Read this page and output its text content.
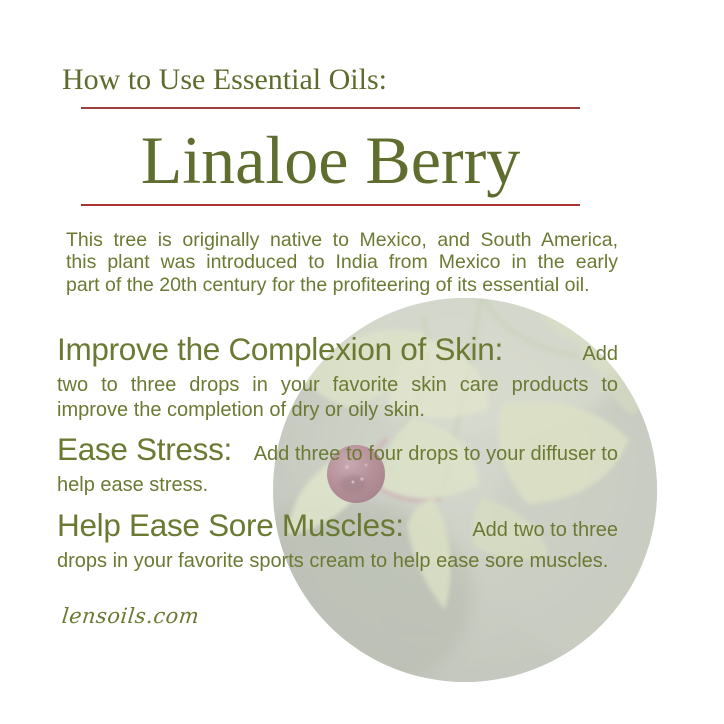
How to Use Essential Oils:
Linaloe Berry
This tree is originally native to Mexico, and South America,
this plant was introduced to India from Mexico in the early
part of the 20th century for the profiteering of its essential oil.
Improve the Complexion of Skin:	Add
two to three drops in your favorite skin care products to
improve the completion of dry or oily skin.
Ease Stress: Add three to four drops to your diffuser to
help ease stress.
Help Ease Sore Muscles:	Add two to three
drops in your favorite sports cream to help ease sore muscles.
lensoils.com
